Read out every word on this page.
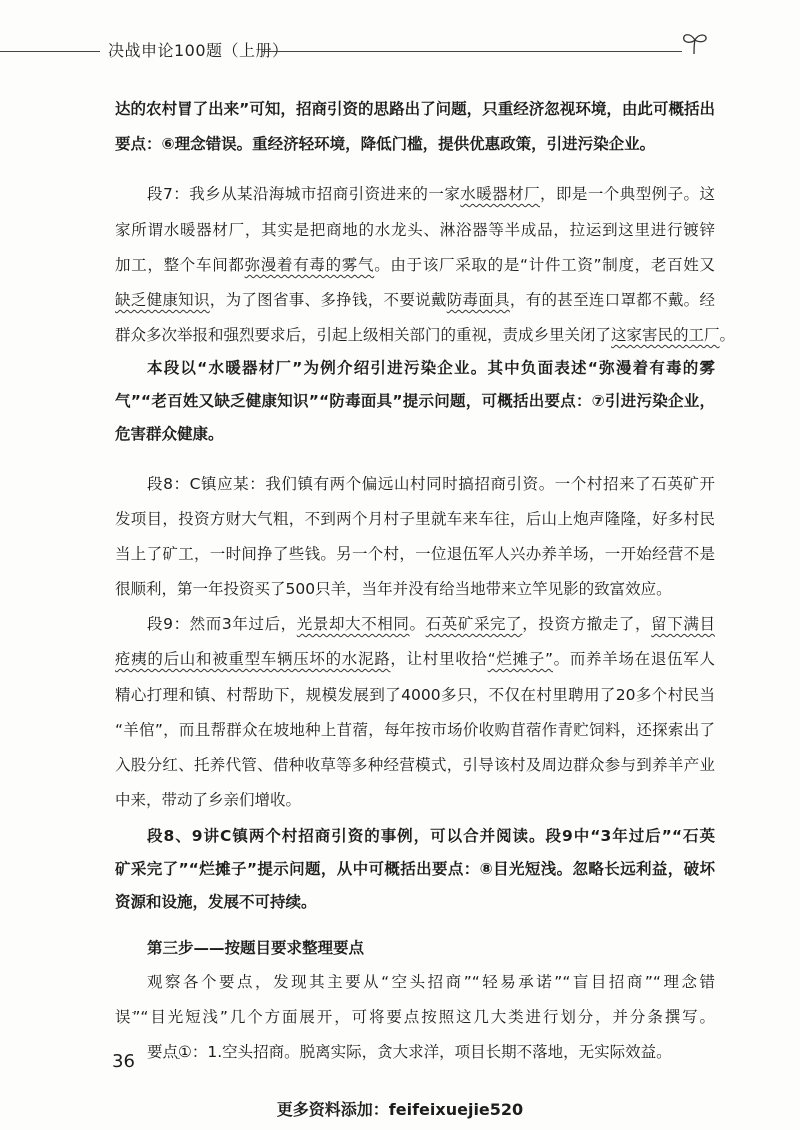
决战申论100题（上册）
达的农村冒了出来”可知，招商引资的思路出了问题，只重经济忽视环境，由此可概括出
要点：⑥理念错误。重经济轻环境，降低门槛，提供优惠政策，引进污染企业。
段7：我乡从某沿海城市招商引资进来的一家水暖器材厂，即是一个典型例子。这
家所谓水暖器材厂，其实是把商地的水龙头、淋浴器等半成品，拉运到这里进行镀锌
加工，整个车间都弥漫着有毒的雾气。由于该厂采取的是“计件工资”制度，老百姓又
缺乏健康知识，为了图省事、多挣钱，不要说戴防毒面具，有的甚至连口罩都不戴。经
群众多次举报和强烈要求后，引起上级相关部门的重视，责成乡里关闭了这家害民的工厂。
本段以“水暖器材厂”为例介绍引进污染企业。其中负面表述“弥漫着有毒的雾
气”“老百姓又缺乏健康知识”“防毒面具”提示问题，可概括出要点：⑦引进污染企业，
危害群众健康。
段8：C镇应某：我们镇有两个偏远山村同时搞招商引资。一个村招来了石英矿开
发项目，投资方财大气粗，不到两个月村子里就车来车往，后山上炮声隆隆，好多村民
当上了矿工，一时间挣了些钱。另一个村，一位退伍军人兴办养羊场，一开始经营不是
很顺利，第一年投资买了500只羊，当年并没有给当地带来立竿见影的致富效应。
段9：然而3年过后，光景却大不相同。石英矿采完了，投资方撤走了，留下满目
疮痍的后山和被重型车辆压坏的水泥路，让村里收拾“烂摊子”。而养羊场在退伍军人
精心打理和镇、村帮助下，规模发展到了4000多只，不仅在村里聘用了20多个村民当
“羊倌”，而且帮群众在坡地种上苜蓿，每年按市场价收购苜蓿作青贮饲料，还探索出了
入股分红、托养代管、借种收草等多种经营模式，引导该村及周边群众参与到养羊产业
中来，带动了乡亲们增收。
段8、9讲C镇两个村招商引资的事例，可以合并阅读。段9中“3年过后”“石英
矿采完了”“烂摊子”提示问题，从中可概括出要点：⑧目光短浅。忽略长远利益，破坏
资源和设施，发展不可持续。
第三步——按题目要求整理要点
观察各个要点，发现其主要从“空头招商”“轻易承诺”“盲目招商”“理念错
误”“目光短浅”几个方面展开，可将要点按照这几大类进行划分，并分条撰写。
要点①：1.空头招商。脱离实际，贪大求洋，项目长期不落地，无实际效益。
36
更多资料添加：feifeixuejie520
